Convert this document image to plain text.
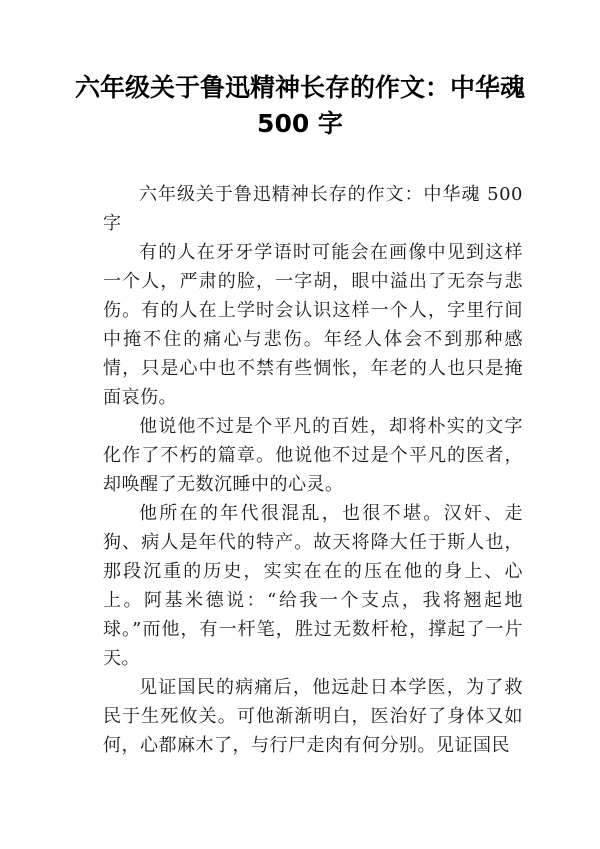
六年级关于鲁迅精神长存的作文：中华魂 500 字

六年级关于鲁迅精神长存的作文：中华魂 500 字

有的人在牙牙学语时可能会在画像中见到这样一个人，严肃的脸，一字胡，眼中溢出了无奈与悲伤。有的人在上学时会认识这样一个人，字里行间中掩不住的痛心与悲伤。年经人体会不到那种感情，只是心中也不禁有些惆怅，年老的人也只是掩面哀伤。

他说他不过是个平凡的百姓，却将朴实的文字化作了不朽的篇章。他说他不过是个平凡的医者，却唤醒了无数沉睡中的心灵。

他所在的年代很混乱，也很不堪。汉奸、走狗、病人是年代的特产。故天将降大任于斯人也，那段沉重的历史，实实在在的压在他的身上、心上。阿基米德说：“给我一个支点，我将翘起地球。”而他，有一杆笔，胜过无数杆枪，撑起了一片天。

见证国民的病痛后，他远赴日本学医，为了救民于生死攸关。可他渐渐明白，医治好了身体又如何，心都麻木了，与行尸走肉有何分别。见证国民
